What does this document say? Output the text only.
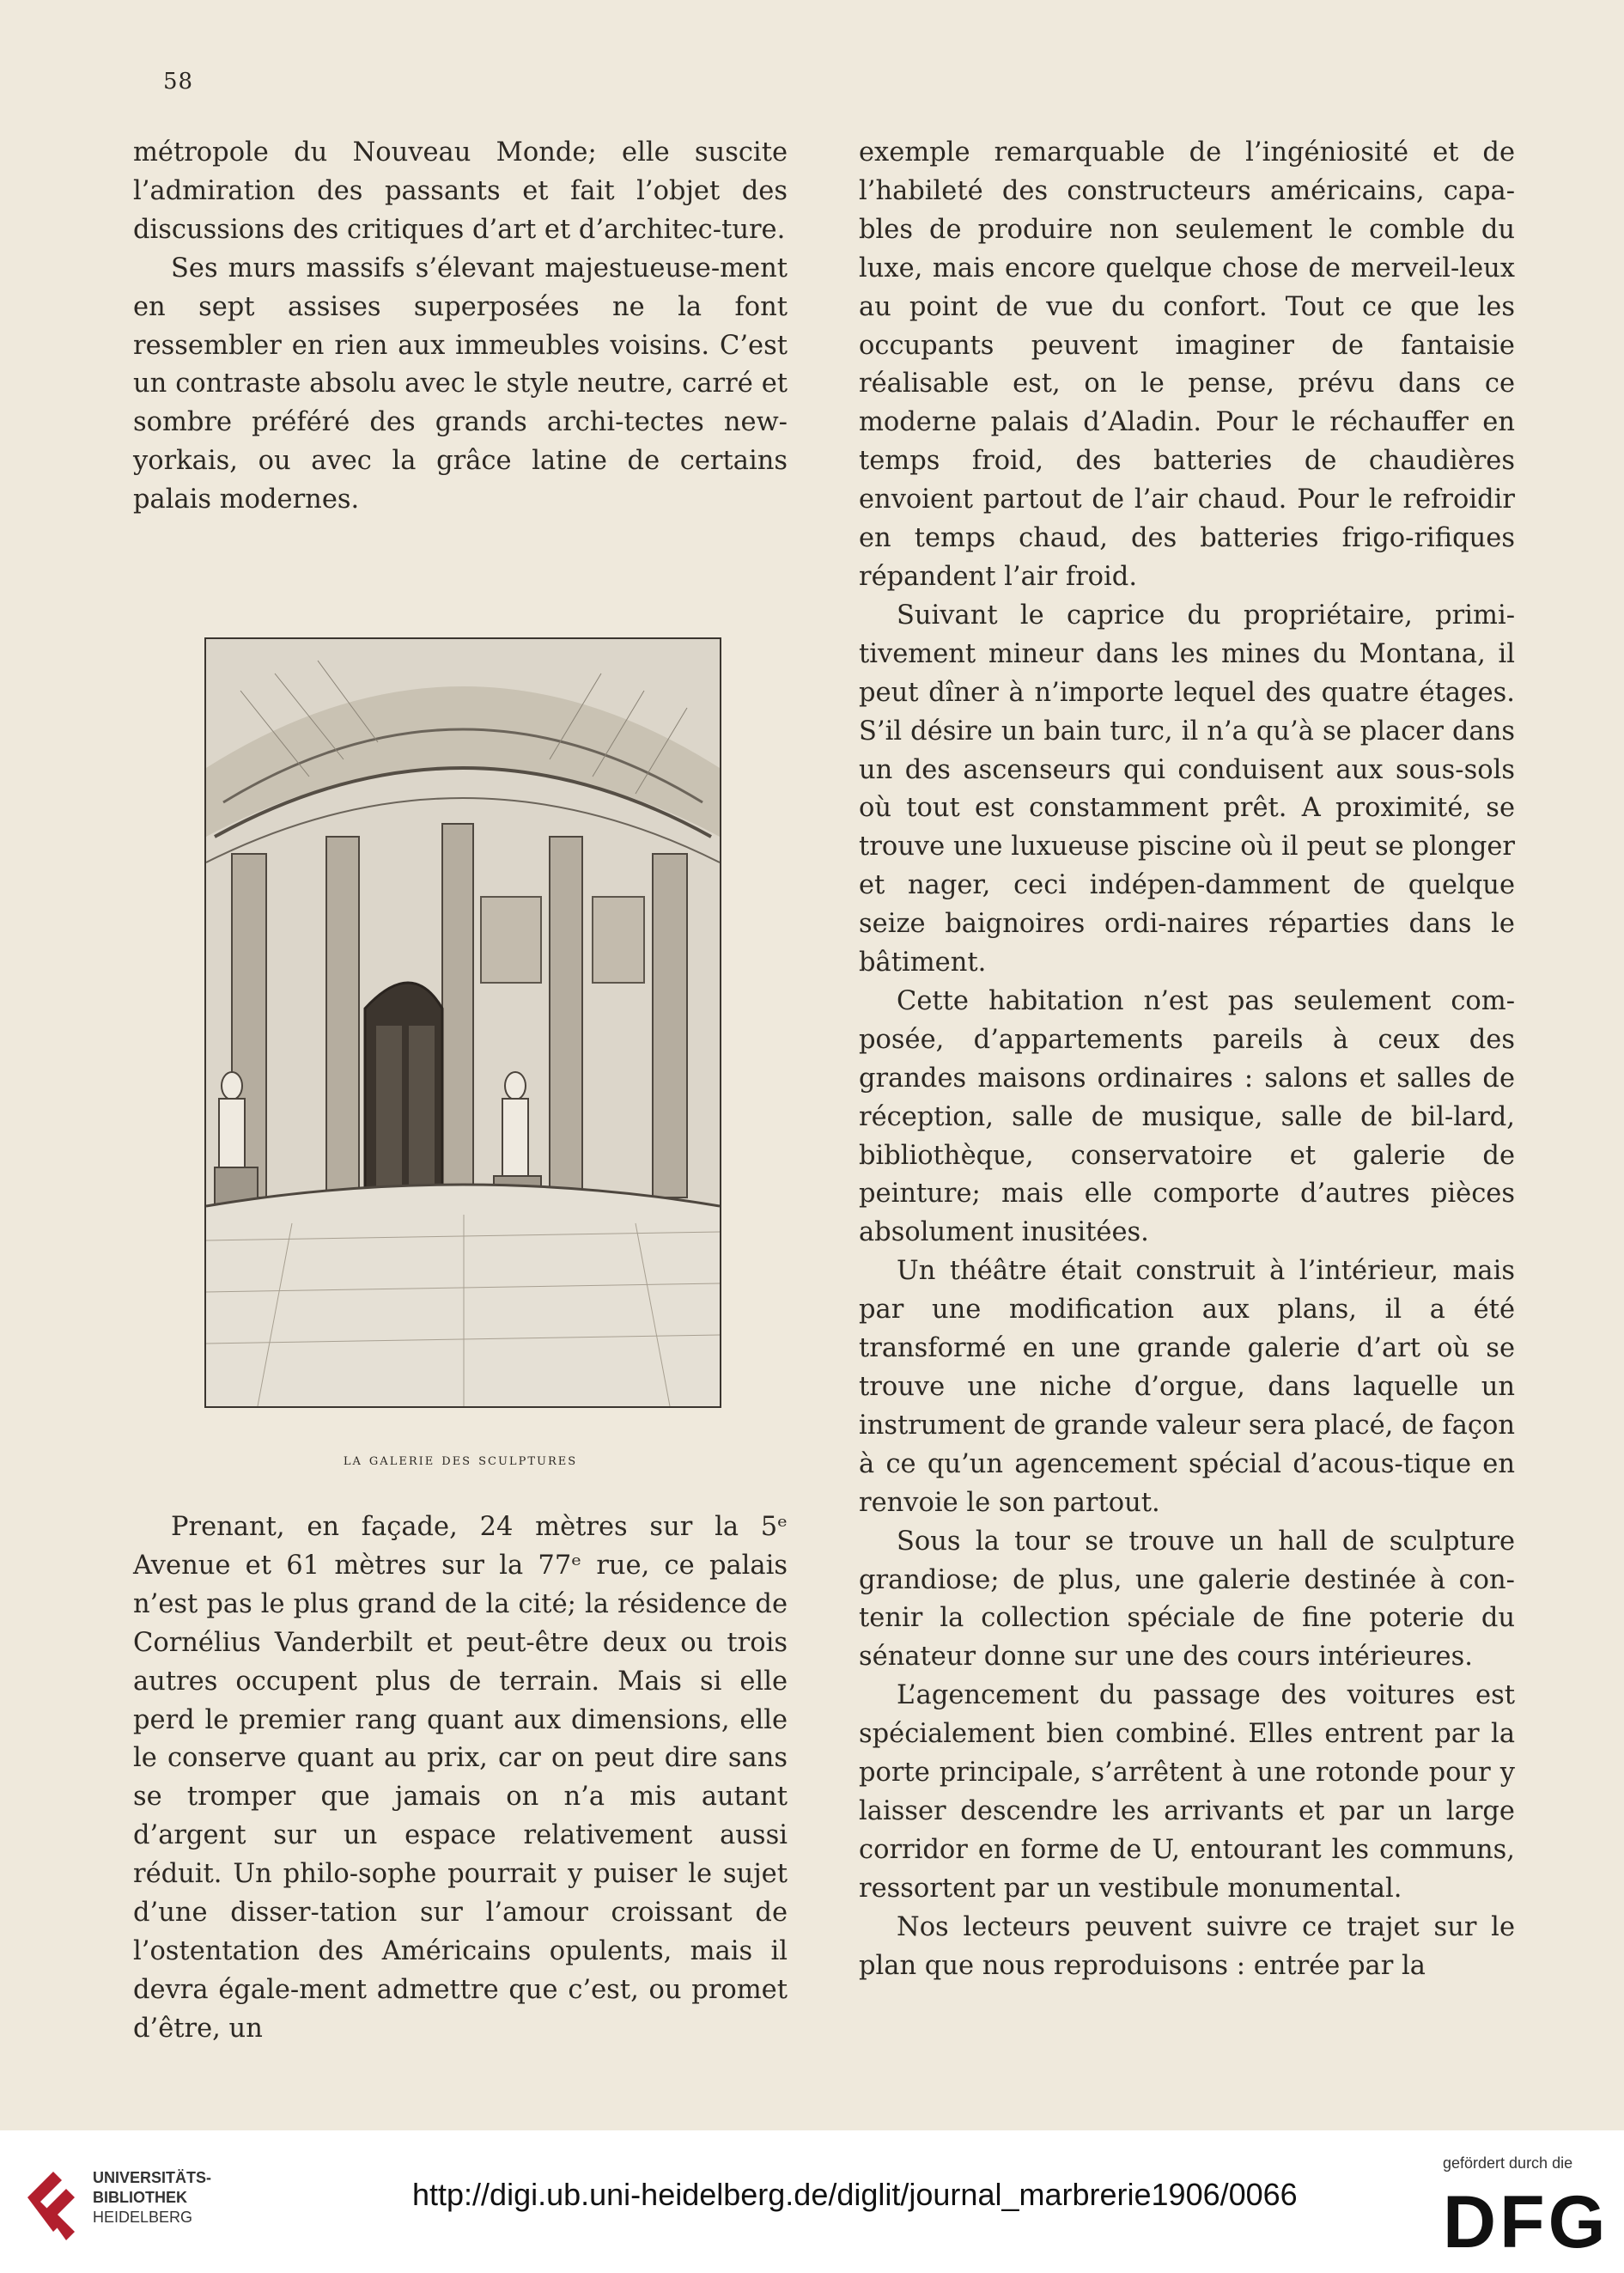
58

métropole du Nouveau Monde; elle suscite l’admiration des passants et fait l’objet des discussions des critiques d’art et d’architec-ture.

Ses murs massifs s’élevant majestueuse-ment en sept assises superposées ne la font ressembler en rien aux immeubles voisins. C’est un contraste absolu avec le style neutre, carré et sombre préféré des grands archi-tectes new-yorkais, ou avec la grâce latine de certains palais modernes.

la galerie des sculptures

Prenant, en façade, 24 mètres sur la 5ᵉ Avenue et 61 mètres sur la 77ᵉ rue, ce palais n’est pas le plus grand de la cité; la résidence de Cornélius Vanderbilt et peut-être deux ou trois autres occupent plus de terrain. Mais si elle perd le premier rang quant aux dimensions, elle le conserve quant au prix, car on peut dire sans se tromper que jamais on n’a mis autant d’argent sur un espace relativement aussi réduit. Un philo-sophe pourrait y puiser le sujet d’une disser-tation sur l’amour croissant de l’ostentation des Américains opulents, mais il devra égale-ment admettre que c’est, ou promet d’être, un

exemple remarquable de l’ingéniosité et de l’habileté des constructeurs américains, capa-bles de produire non seulement le comble du luxe, mais encore quelque chose de merveil-leux au point de vue du confort. Tout ce que les occupants peuvent imaginer de fantaisie réalisable est, on le pense, prévu dans ce moderne palais d’Aladin. Pour le réchauffer en temps froid, des batteries de chaudières envoient partout de l’air chaud. Pour le refroidir en temps chaud, des batteries frigo-rifiques répandent l’air froid.

Suivant le caprice du propriétaire, primi-tivement mineur dans les mines du Montana, il peut dîner à n’importe lequel des quatre étages. S’il désire un bain turc, il n’a qu’à se placer dans un des ascenseurs qui conduisent aux sous-sols où tout est constamment prêt. A proximité, se trouve une luxueuse piscine où il peut se plonger et nager, ceci indépen-damment de quelque seize baignoires ordi-naires réparties dans le bâtiment.

Cette habitation n’est pas seulement com-posée, d’appartements pareils à ceux des grandes maisons ordinaires : salons et salles de réception, salle de musique, salle de bil-lard, bibliothèque, conservatoire et galerie de peinture; mais elle comporte d’autres pièces absolument inusitées.

Un théâtre était construit à l’intérieur, mais par une modification aux plans, il a été transformé en une grande galerie d’art où se trouve une niche d’orgue, dans laquelle un instrument de grande valeur sera placé, de façon à ce qu’un agencement spécial d’acous-tique en renvoie le son partout.

Sous la tour se trouve un hall de sculpture grandiose; de plus, une galerie destinée à con-tenir la collection spéciale de fine poterie du sénateur donne sur une des cours intérieures.

L’agencement du passage des voitures est spécialement bien combiné. Elles entrent par la porte principale, s’arrêtent à une rotonde pour y laisser descendre les arrivants et par un large corridor en forme de U, entourant les communs, ressortent par un vestibule monumental.

Nos lecteurs peuvent suivre ce trajet sur le plan que nous reproduisons : entrée par la

UNIVERSITÄTS-
BIBLIOTHEK
HEIDELBERG
http://digi.ub.uni-heidelberg.de/diglit/journal_marbrerie1906/0066
gefördert durch die
DFG
